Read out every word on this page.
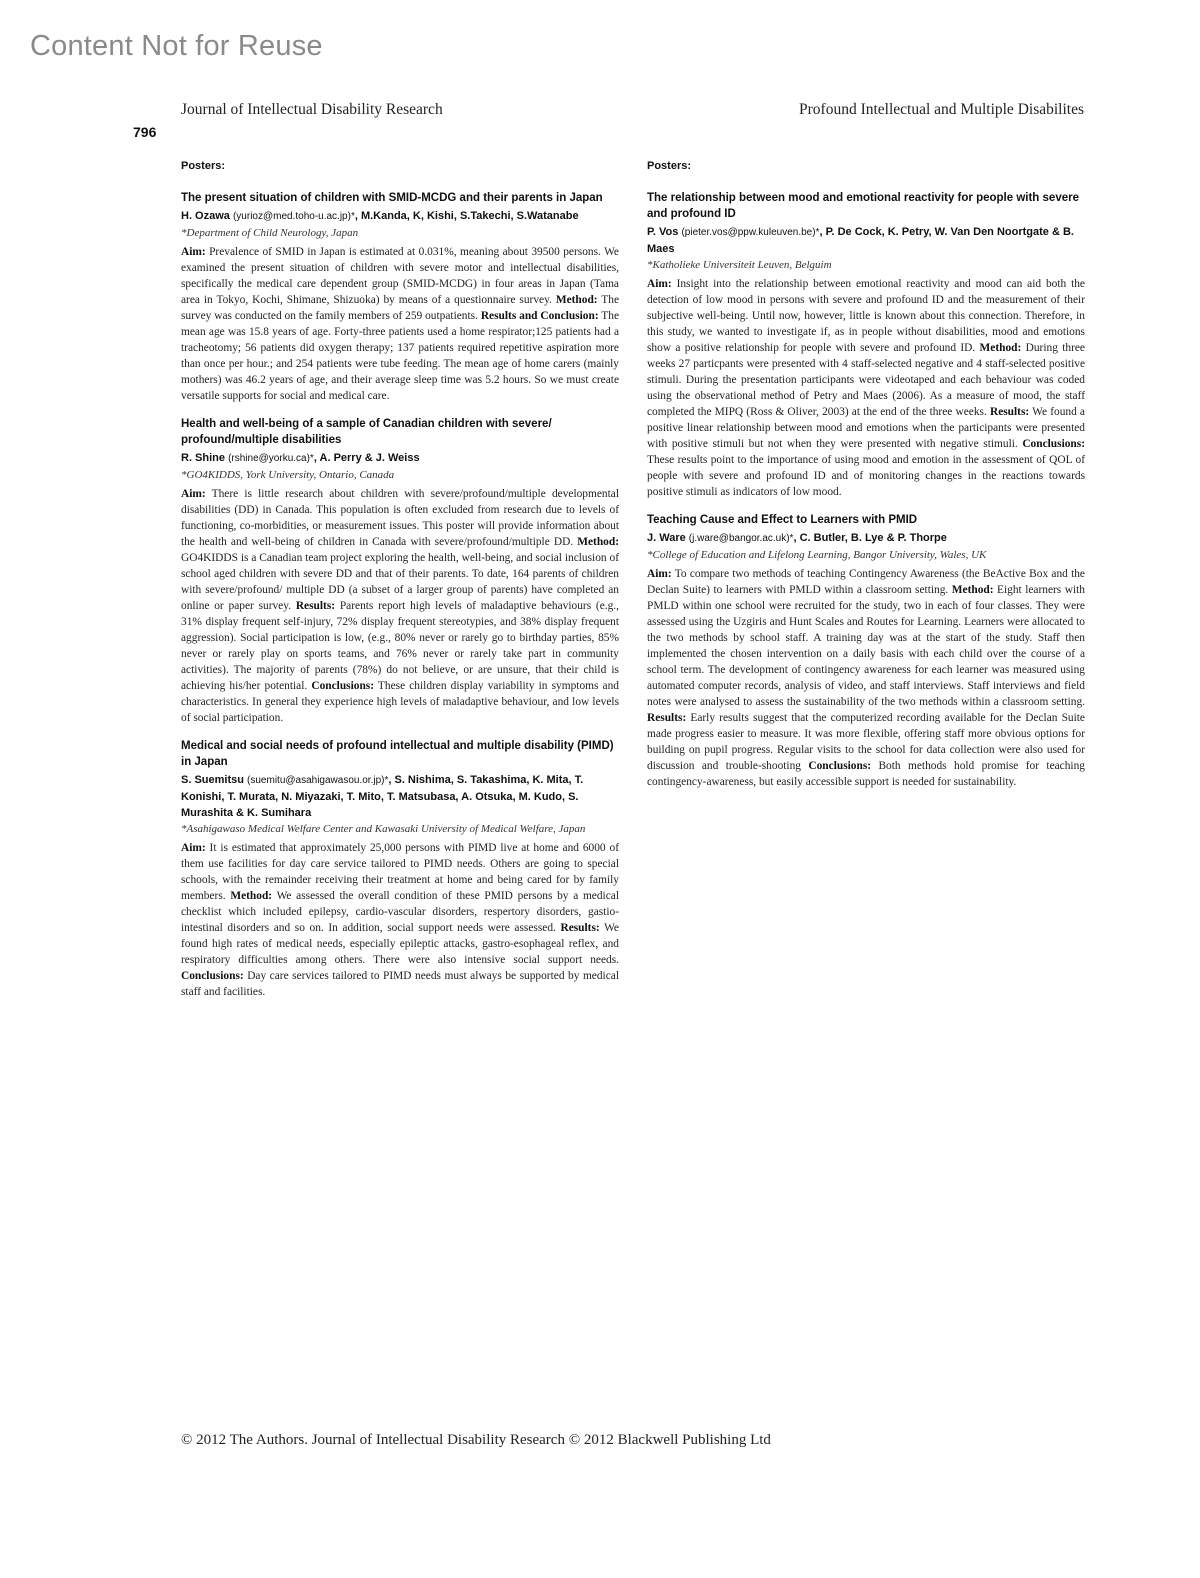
Content Not for Reuse
Journal of Intellectual Disability Research	Profound Intellectual and Multiple Disabilites
796
Posters:
The present situation of children with SMID-MCDG and their parents in Japan
H. Ozawa (yurioz@med.toho-u.ac.jp)*, M.Kanda, K, Kishi, S.Takechi, S.Watanabe
*Department of Child Neurology, Japan

Aim: Prevalence of SMID in Japan is estimated at 0.031%, meaning about 39500 persons. We examined the present situation of children with severe motor and intellectual disabilities, specifically the medical care dependent group (SMID-MCDG) in four areas in Japan (Tama area in Tokyo, Kochi, Shimane, Shizuoka) by means of a questionnaire survey. Method: The survey was conducted on the family members of 259 outpatients. Results and Conclusion: The mean age was 15.8 years of age. Forty-three patients used a home respirator;125 patients had a tracheotomy; 56 patients did oxygen therapy; 137 patients required repetitive aspiration more than once per hour.; and 254 patients were tube feeding. The mean age of home carers (mainly mothers) was 46.2 years of age, and their average sleep time was 5.2 hours. So we must create versatile supports for social and medical care.

Health and well-being of a sample of Canadian children with severe/ profound/multiple disabilities
R. Shine (rshine@yorku.ca)*, A. Perry & J. Weiss
*GO4KIDDS, York University, Ontario, Canada

Aim: There is little research about children with severe/profound/multiple developmental disabilities (DD) in Canada. This population is often excluded from research due to levels of functioning, co-morbidities, or measurement issues. This poster will provide information about the health and well-being of children in Canada with severe/profound/multiple DD. Method: GO4KIDDS is a Canadian team project exploring the health, well-being, and social inclusion of school aged children with severe DD and that of their parents. To date, 164 parents of children with severe/profound/ multiple DD (a subset of a larger group of parents) have completed an online or paper survey. Results: Parents report high levels of maladaptive behaviours (e.g., 31% display frequent self-injury, 72% display frequent stereotypies, and 38% display frequent aggression). Social participation is low, (e.g., 80% never or rarely go to birthday parties, 85% never or rarely play on sports teams, and 76% never or rarely take part in community activities). The majority of parents (78%) do not believe, or are unsure, that their child is achieving his/her potential. Conclusions: These children display variability in symptoms and characteristics. In general they experience high levels of maladaptive behaviour, and low levels of social participation.

Medical and social needs of profound intellectual and multiple disability (PIMD) in Japan
S. Suemitsu (suemitu@asahigawasou.or.jp)*, S. Nishima, S. Takashima, K. Mita, T. Konishi, T. Murata, N. Miyazaki, T. Mito, T. Matsubasa, A. Otsuka, M. Kudo, S. Murashita & K. Sumihara
*Asahigawaso Medical Welfare Center and Kawasaki University of Medical Welfare, Japan

Aim: It is estimated that approximately 25,000 persons with PIMD live at home and 6000 of them use facilities for day care service tailored to PIMD needs. Others are going to special schools, with the remainder receiving their treatment at home and being cared for by family members. Method: We assessed the overall condition of these PMID persons by a medical checklist which included epilepsy, cardio-vascular disorders, respertory disorders, gastio-intestinal disorders and so on. In addition, social support needs were assessed. Results: We found high rates of medical needs, especially epileptic attacks, gastro-esophageal reflex, and respiratory difficulties among others. There were also intensive social support needs. Conclusions: Day care services tailored to PIMD needs must always be supported by medical staff and facilities.

Posters:
The relationship between mood and emotional reactivity for people with severe and profound ID
P. Vos (pieter.vos@ppw.kuleuven.be)*, P. De Cock, K. Petry, W. Van Den Noortgate & B. Maes
*Katholieke Universiteit Leuven, Belguim

Aim: Insight into the relationship between emotional reactivity and mood can aid both the detection of low mood in persons with severe and profound ID and the measurement of their subjective well-being. Until now, however, little is known about this connection. Therefore, in this study, we wanted to investigate if, as in people without disabilities, mood and emotions show a positive relationship for people with severe and profound ID. Method: During three weeks 27 particpants were presented with 4 staff-selected negative and 4 staff-selected positive stimuli. During the presentation participants were videotaped and each behaviour was coded using the observational method of Petry and Maes (2006). As a measure of mood, the staff completed the MIPQ (Ross & Oliver, 2003) at the end of the three weeks. Results: We found a positive linear relationship between mood and emotions when the participants were presented with positive stimuli but not when they were presented with negative stimuli. Conclusions: These results point to the importance of using mood and emotion in the assessment of QOL of people with severe and profound ID and of monitoring changes in the reactions towards positive stimuli as indicators of low mood.

Teaching Cause and Effect to Learners with PMID
J. Ware (j.ware@bangor.ac.uk)*, C. Butler, B. Lye & P. Thorpe
*College of Education and Lifelong Learning, Bangor University, Wales, UK

Aim: To compare two methods of teaching Contingency Awareness (the BeActive Box and the Declan Suite) to learners with PMLD within a classroom setting. Method: Eight learners with PMLD within one school were recruited for the study, two in each of four classes. They were assessed using the Uzgiris and Hunt Scales and Routes for Learning. Learners were allocated to the two methods by school staff. A training day was at the start of the study. Staff then implemented the chosen intervention on a daily basis with each child over the course of a school term. The development of contingency awareness for each learner was measured using automated computer records, analysis of video, and staff interviews. Staff interviews and field notes were analysed to assess the sustainability of the two methods within a classroom setting. Results: Early results suggest that the computerized recording available for the Declan Suite made progress easier to measure. It was more flexible, offering staff more obvious options for building on pupil progress. Regular visits to the school for data collection were also used for discussion and trouble-shooting Conclusions: Both methods hold promise for teaching contingency-awareness, but easily accessible support is needed for sustainability.

© 2012 The Authors. Journal of Intellectual Disability Research © 2012 Blackwell Publishing Ltd
